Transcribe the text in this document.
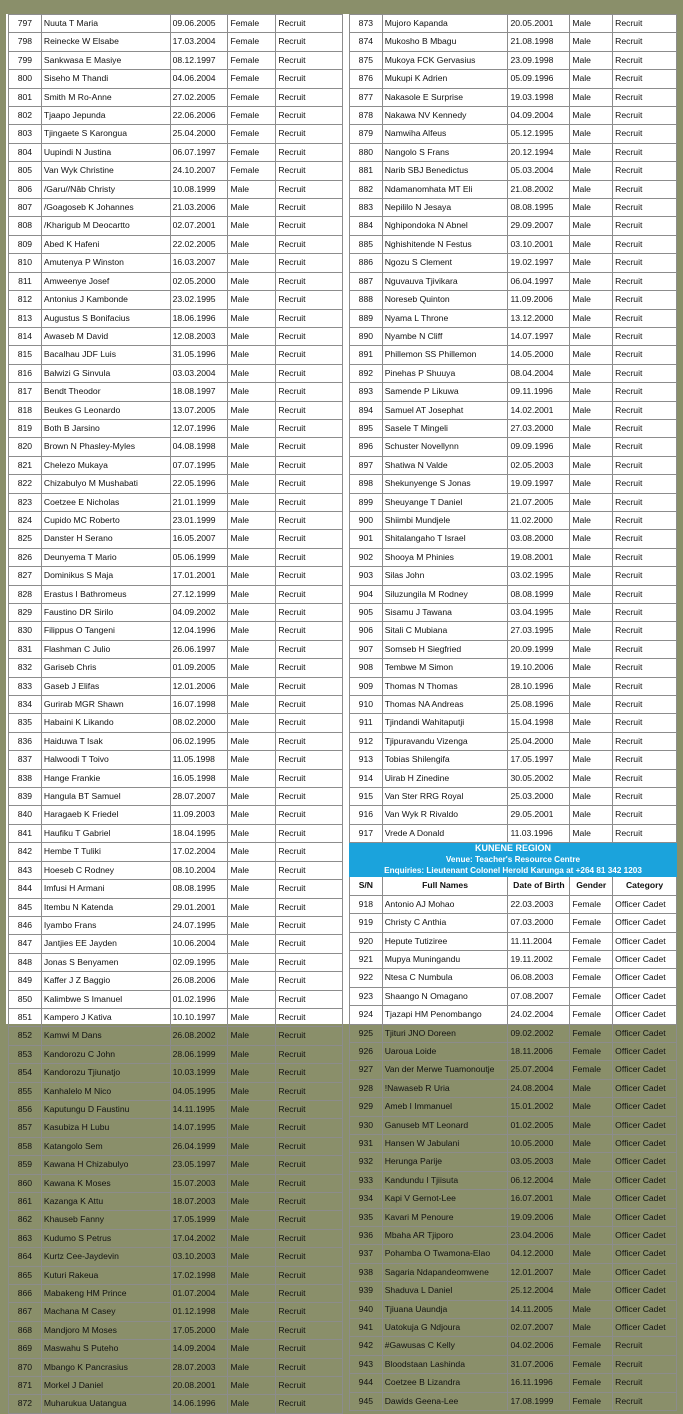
797	Nuuta T Maria	09.06.2005	Female	Recruit
798	Reinecke W Elsabe	17.03.2004	Female	Recruit
799	Sankwasa E Masiye	08.12.1997	Female	Recruit
800	Siseho M Thandi	04.06.2004	Female	Recruit
801	Smith M Ro-Anne	27.02.2005	Female	Recruit
802	Tjaapo Jepunda	22.06.2006	Female	Recruit
803	Tjingaete S Karongua	25.04.2000	Female	Recruit
804	Uupindi N Justina	06.07.1997	Female	Recruit
805	Van Wyk Christine	24.10.2007	Female	Recruit
806	/Garu//Nâb Christy	10.08.1999	Male	Recruit
807	/Goagoseb K Johannes	21.03.2006	Male	Recruit
808	/Kharigub M Deocartto	02.07.2001	Male	Recruit
809	Abed K Hafeni	22.02.2005	Male	Recruit
810	Amutenya P Winston	16.03.2007	Male	Recruit
811	Amweenye Josef	02.05.2000	Male	Recruit
812	Antonius J Kambonde	23.02.1995	Male	Recruit
813	Augustus S Bonifacius	18.06.1996	Male	Recruit
814	Awaseb M David	12.08.2003	Male	Recruit
815	Bacalhau JDF Luis	31.05.1996	Male	Recruit
816	Balwizi G Sinvula	03.03.2004	Male	Recruit
817	Bendt Theodor	18.08.1997	Male	Recruit
818	Beukes G Leonardo	13.07.2005	Male	Recruit
819	Both B Jarsino	12.07.1996	Male	Recruit
820	Brown N Phasley-Myles	04.08.1998	Male	Recruit
821	Chelezo Mukaya	07.07.1995	Male	Recruit
822	Chizabulyo M Mushabati	22.05.1996	Male	Recruit
823	Coetzee E Nicholas	21.01.1999	Male	Recruit
824	Cupido MC Roberto	23.01.1999	Male	Recruit
825	Danster H Serano	16.05.2007	Male	Recruit
826	Deunyema T Mario	05.06.1999	Male	Recruit
827	Dominikus S Maja	17.01.2001	Male	Recruit
828	Erastus I Bathromeus	27.12.1999	Male	Recruit
829	Faustino DR Sirilo	04.09.2002	Male	Recruit
830	Filippus O Tangeni	12.04.1996	Male	Recruit
831	Flashman C Julio	26.06.1997	Male	Recruit
832	Gariseb Chris	01.09.2005	Male	Recruit
833	Gaseb J Elifas	12.01.2006	Male	Recruit
834	Gurirab MGR Shawn	16.07.1998	Male	Recruit
835	Habaini K Likando	08.02.2000	Male	Recruit
836	Haiduwa T Isak	06.02.1995	Male	Recruit
837	Halwoodi T Toivo	11.05.1998	Male	Recruit
838	Hange Frankie	16.05.1998	Male	Recruit
839	Hangula BT Samuel	28.07.2007	Male	Recruit
840	Haragaeb K Friedel	11.09.2003	Male	Recruit
841	Haufiku T Gabriel	18.04.1995	Male	Recruit
842	Hembe T Tuliki	17.02.2004	Male	Recruit
843	Hoeseb C Rodney	08.10.2004	Male	Recruit
844	Imfusi H Armani	08.08.1995	Male	Recruit
845	Itembu N Katenda	29.01.2001	Male	Recruit
846	Iyambo Frans	24.07.1995	Male	Recruit
847	Jantjies EE Jayden	10.06.2004	Male	Recruit
848	Jonas S Benyamen	02.09.1995	Male	Recruit
849	Kaffer J Z Baggio	26.08.2006	Male	Recruit
850	Kalimbwe S Imanuel	01.02.1996	Male	Recruit
851	Kampero J Kativa	10.10.1997	Male	Recruit
852	Kamwi M Dans	26.08.2002	Male	Recruit
853	Kandorozu C John	28.06.1999	Male	Recruit
854	Kandorozu Tjiunatjo	10.03.1999	Male	Recruit
855	Kanhalelo M Nico	04.05.1995	Male	Recruit
856	Kaputungu D Faustinu	14.11.1995	Male	Recruit
857	Kasubiza H Lubu	14.07.1995	Male	Recruit
858	Katangolo Sem	26.04.1999	Male	Recruit
859	Kawana H Chizabulyo	23.05.1997	Male	Recruit
860	Kawana K Moses	15.07.2003	Male	Recruit
861	Kazanga K Attu	18.07.2003	Male	Recruit
862	Khauseb Fanny	17.05.1999	Male	Recruit
863	Kudumo S Petrus	17.04.2002	Male	Recruit
864	Kurtz Cee-Jaydevin	03.10.2003	Male	Recruit
865	Kuturi Rakeua	17.02.1998	Male	Recruit
866	Mabakeng HM Prince	01.07.2004	Male	Recruit
867	Machana M Casey	01.12.1998	Male	Recruit
868	Mandjoro M Moses	17.05.2000	Male	Recruit
869	Maswahu S Puteho	14.09.2004	Male	Recruit
870	Mbango K Pancrasius	28.07.2003	Male	Recruit
871	Morkel J Daniel	20.08.2001	Male	Recruit
872	Muharukua Uatangua	14.06.1996	Male	Recruit
873	Mujoro Kapanda	20.05.2001	Male	Recruit
874	Mukosho B Mbagu	21.08.1998	Male	Recruit
875	Mukoya FCK Gervasius	23.09.1998	Male	Recruit
876	Mukupi K Adrien	05.09.1996	Male	Recruit
877	Nakasole E Surprise	19.03.1998	Male	Recruit
878	Nakawa NV Kennedy	04.09.2004	Male	Recruit
879	Namwiha Alfeus	05.12.1995	Male	Recruit
880	Nangolo S Frans	20.12.1994	Male	Recruit
881	Narib SBJ Benedictus	05.03.2004	Male	Recruit
882	Ndamanomhata MT Eli	21.08.2002	Male	Recruit
883	Nepililo N Jesaya	08.08.1995	Male	Recruit
884	Nghipondoka N Abnel	29.09.2007	Male	Recruit
885	Nghishitende N Festus	03.10.2001	Male	Recruit
886	Ngozu S Clement	19.02.1997	Male	Recruit
887	Nguvauva Tjivikara	06.04.1997	Male	Recruit
888	Noreseb Quinton	11.09.2006	Male	Recruit
889	Nyama L Throne	13.12.2000	Male	Recruit
890	Nyambe N Cliff	14.07.1997	Male	Recruit
891	Phillemon SS Phillemon	14.05.2000	Male	Recruit
892	Pinehas P Shuuya	08.04.2004	Male	Recruit
893	Samende P Likuwa	09.11.1996	Male	Recruit
894	Samuel AT Josephat	14.02.2001	Male	Recruit
895	Sasele T Mingeli	27.03.2000	Male	Recruit
896	Schuster Novellynn	09.09.1996	Male	Recruit
897	Shatiwa N Valde	02.05.2003	Male	Recruit
898	Shekunyenge S Jonas	19.09.1997	Male	Recruit
899	Sheuyange T Daniel	21.07.2005	Male	Recruit
900	Shiimbi Mundjele	11.02.2000	Male	Recruit
901	Shitalangaho T Israel	03.08.2000	Male	Recruit
902	Shooya M Phinies	19.08.2001	Male	Recruit
903	Silas John	03.02.1995	Male	Recruit
904	Siluzungila M Rodney	08.08.1999	Male	Recruit
905	Sisamu J Tawana	03.04.1995	Male	Recruit
906	Sitali C Mubiana	27.03.1995	Male	Recruit
907	Somseb H Siegfried	20.09.1999	Male	Recruit
908	Tembwe M Simon	19.10.2006	Male	Recruit
909	Thomas N Thomas	28.10.1996	Male	Recruit
910	Thomas NA Andreas	25.08.1996	Male	Recruit
911	Tjindandi Wahitaputji	15.04.1998	Male	Recruit
912	Tjipuravandu Vizenga	25.04.2000	Male	Recruit
913	Tobias Shilengifa	17.05.1997	Male	Recruit
914	Uirab H Zinedine	30.05.2002	Male	Recruit
915	Van Ster RRG Royal	25.03.2000	Male	Recruit
916	Van Wyk R Rivaldo	29.05.2001	Male	Recruit
917	Vrede A Donald	11.03.1996	Male	Recruit

KUNENE REGION
Venue: Teacher's Resource Centre
Enquiries: Lieutenant Colonel Herold Karunga at +264 81 342 1203				

S/N	Full Names	Date of Birth	Gender	Category
918	Antonio AJ Mohao	22.03.2003	Female	Officer Cadet
919	Christy C Anthia	07.03.2000	Female	Officer Cadet
920	Hepute Tutiziree	11.11.2004	Female	Officer Cadet
921	Mupya Muningandu	19.11.2002	Female	Officer Cadet
922	Ntesa C Numbula	06.08.2003	Female	Officer Cadet
923	Shaango N Omagano	07.08.2007	Female	Officer Cadet
924	Tjazapi HM Penombango	24.02.2004	Female	Officer Cadet
925	Tjituri JNO Doreen	09.02.2002	Female	Officer Cadet
926	Uaroua Loide	18.11.2006	Female	Officer Cadet
927	Van der Merwe Tuamonoutje	25.07.2004	Female	Officer Cadet
928	!Nawaseb R Uria	24.08.2004	Male	Officer Cadet
929	Ameb I Immanuel	15.01.2002	Male	Officer Cadet
930	Ganuseb MT Leonard	01.02.2005	Male	Officer Cadet
931	Hansen W Jabulani	10.05.2000	Male	Officer Cadet
932	Herunga Parije	03.05.2003	Male	Officer Cadet
933	Kandundu I Tjiisuta	06.12.2004	Male	Officer Cadet
934	Kapi V Gernot-Lee	16.07.2001	Male	Officer Cadet
935	Kavari M Penoure	19.09.2006	Male	Officer Cadet
936	Mbaha AR Tjiporo	23.04.2006	Male	Officer Cadet
937	Pohamba O Twamona-Elao	04.12.2000	Male	Officer Cadet
938	Sagaria Ndapandeomwene	12.01.2007	Male	Officer Cadet
939	Shaduva L Daniel	25.12.2004	Male	Officer Cadet
940	Tjiuana Uaundja	14.11.2005	Male	Officer Cadet
941	Uatokuja G Ndjoura	02.07.2007	Male	Officer Cadet
942	#Gawusas C Kelly	04.02.2006	Female	Recruit
943	Bloodstaan Lashinda	31.07.2006	Female	Recruit
944	Coetzee B Lizandra	16.11.1996	Female	Recruit
945	Dawids Geena-Lee	17.08.1999	Female	Recruit
